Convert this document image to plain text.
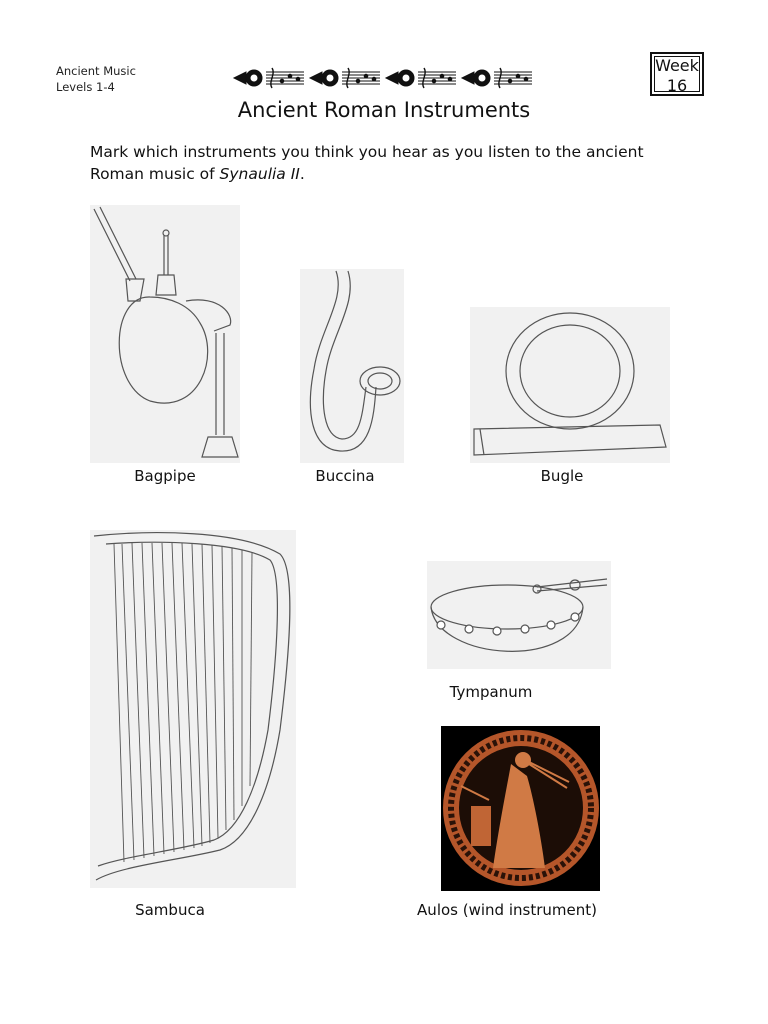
Ancient Music
Levels 1-4
Week
16
Ancient Roman Instruments
Mark which instruments you think you hear as you listen to the ancient Roman music of Synaulia II.
Bagpipe	Buccina	Bugle
Sambuca
Tympanum
Aulos (wind instrument)
